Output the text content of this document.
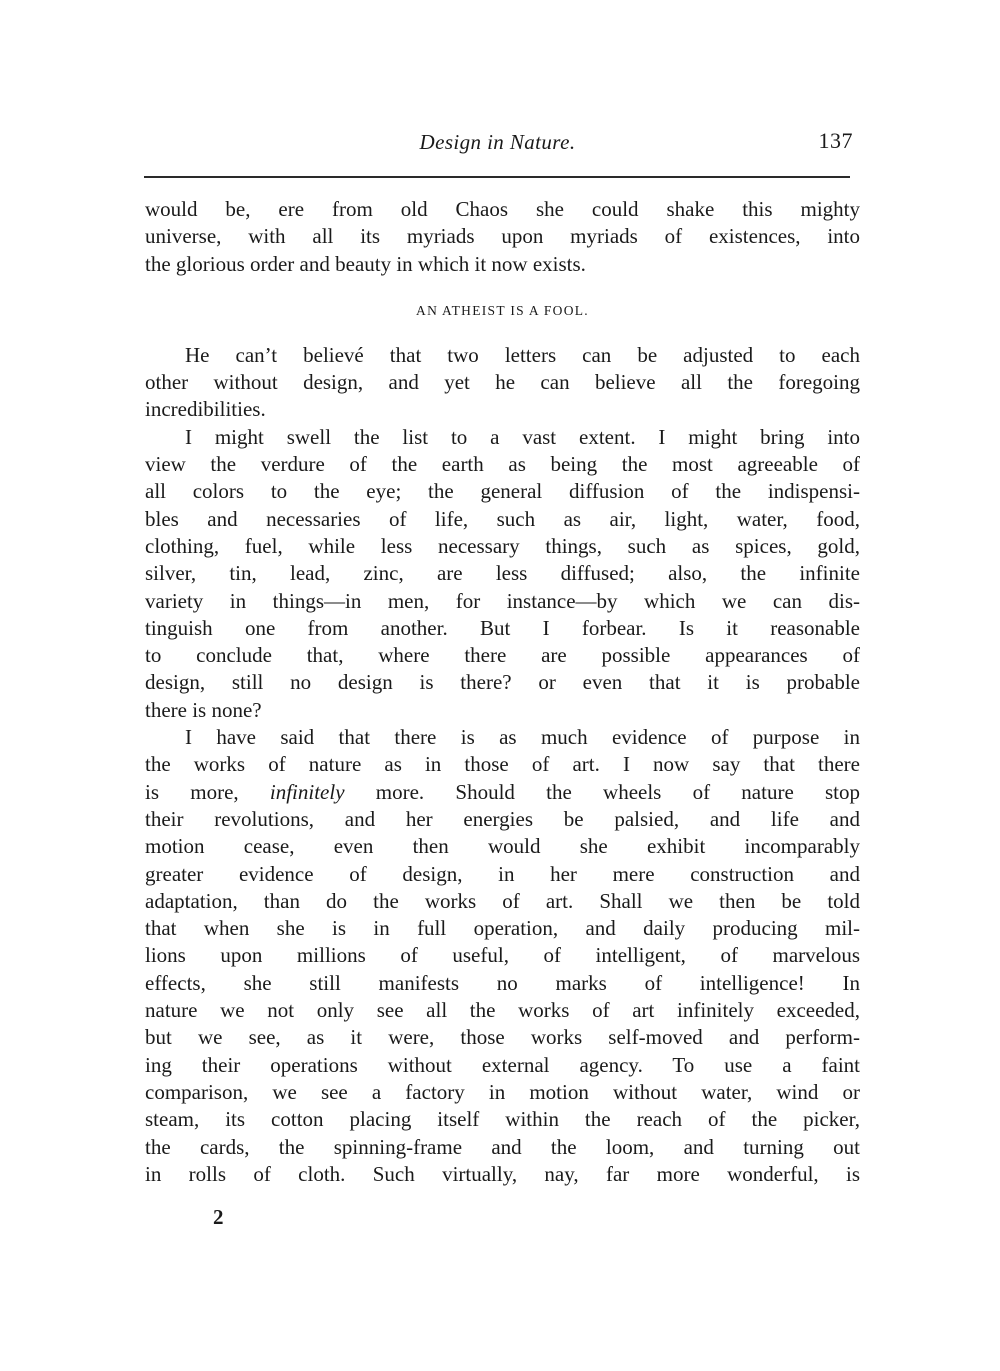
Design in Nature.	137
would be, ere from old Chaos she could shake this mighty
universe, with all its myriads upon myriads of existences, into
the glorious order and beauty in which it now exists.
AN ATHEIST IS A FOOL.
He can’t believé that two letters can be adjusted to each
other without design, and yet he can believe all the foregoing
incredibilities.
I might swell the list to a vast extent. I might bring into
view the verdure of the earth as being the most agreeable of
all colors to the eye; the general diffusion of the indispensi-
bles and necessaries of life, such as air, light, water, food,
clothing, fuel, while less necessary things, such as spices, gold,
silver, tin, lead, zinc, are less diffused; also, the infinite
variety in things—in men, for instance—by which we can dis-
tinguish one from another. But I forbear. Is it reasonable
to conclude that, where there are possible appearances of
design, still no design is there? or even that it is probable
there is none?
I have said that there is as much evidence of purpose in
the works of nature as in those of art. I now say that there
is more, infinitely more. Should the wheels of nature stop
their revolutions, and her energies be palsied, and life and
motion cease, even then would she exhibit incomparably
greater evidence of design, in her mere construction and
adaptation, than do the works of art. Shall we then be told
that when she is in full operation, and daily producing mil-
lions upon millions of useful, of intelligent, of marvelous
effects, she still manifests no marks of intelligence! In
nature we not only see all the works of art infinitely exceeded,
but we see, as it were, those works self-moved and perform-
ing their operations without external agency. To use a faint
comparison, we see a factory in motion without water, wind or
steam, its cotton placing itself within the reach of the picker,
the cards, the spinning-frame and the loom, and turning out
in rolls of cloth. Such virtually, nay, far more wonderful, is
2
